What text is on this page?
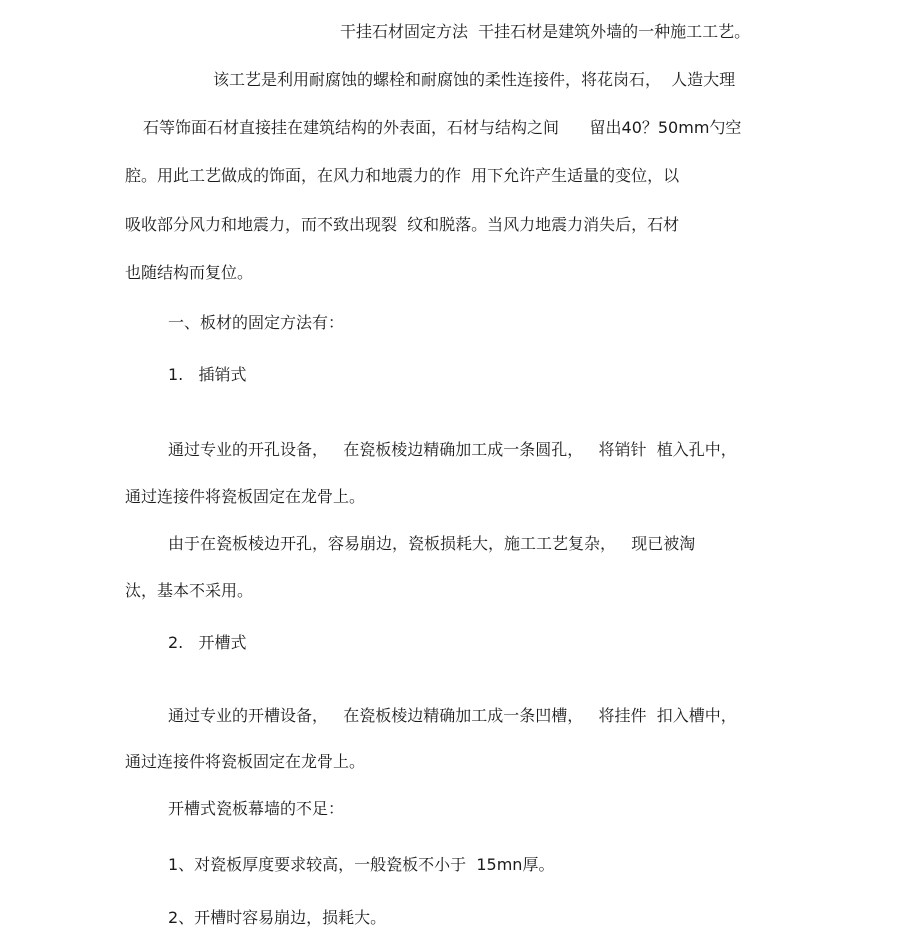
干挂石材固定方法  干挂石材是建筑外墙的一种施工工艺。
该工艺是利用耐腐蚀的螺栓和耐腐蚀的柔性连接件，将花岗石，  人造大理
石等饰面石材直接挂在建筑结构的外表面，石材与结构之间      留出40？50mm勺空
腔。用此工艺做成的饰面，在风力和地震力的作  用下允许产生适量的变位，以
吸收部分风力和地震力，而不致出现裂  纹和脱落。当风力地震力消失后，石材
也随结构而复位。
一、板材的固定方法有：
1.   插销式
通过专业的开孔设备，   在瓷板棱边精确加工成一条圆孔，   将销针  植入孔中，
通过连接件将瓷板固定在龙骨上。
由于在瓷板棱边开孔，容易崩边，瓷板损耗大，施工工艺复杂，   现已被淘
汰，基本不采用。
2.   开槽式
通过专业的开槽设备，   在瓷板棱边精确加工成一条凹槽，   将挂件  扣入槽中，
通过连接件将瓷板固定在龙骨上。
开槽式瓷板幕墙的不足：
1、对瓷板厚度要求较高，一般瓷板不小于  15mn厚。
2、开槽时容易崩边，损耗大。
